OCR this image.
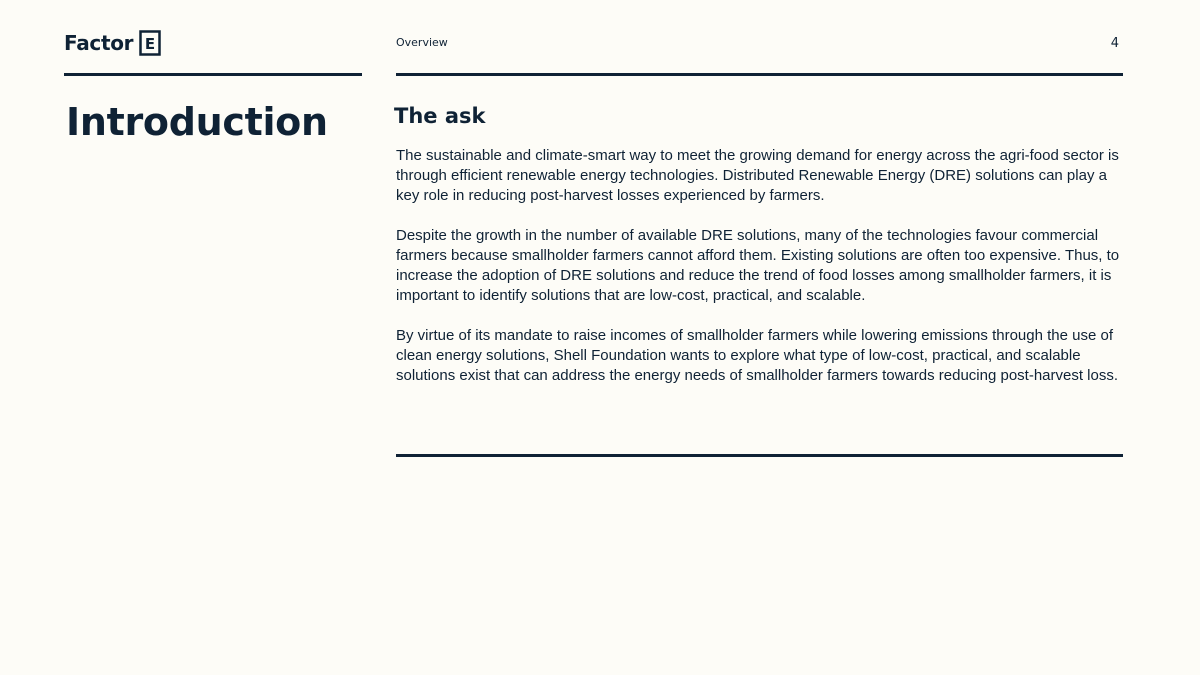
Factor E	Overview	4
Introduction	The ask

The sustainable and climate-smart way to meet the growing demand for energy across the agri-food sector is through efficient renewable energy technologies. Distributed Renewable Energy (DRE) solutions can play a key role in reducing post-harvest losses experienced by farmers.

Despite the growth in the number of available DRE solutions, many of the technologies favour commercial farmers because smallholder farmers cannot afford them. Existing solutions are often too expensive. Thus, to increase the adoption of DRE solutions and reduce the trend of food losses among smallholder farmers, it is important to identify solutions that are low-cost, practical, and scalable.

By virtue of its mandate to raise incomes of smallholder farmers while lowering emissions through the use of clean energy solutions, Shell Foundation wants to explore what type of low-cost, practical, and scalable solutions exist that can address the energy needs of smallholder farmers towards reducing post-harvest loss.
